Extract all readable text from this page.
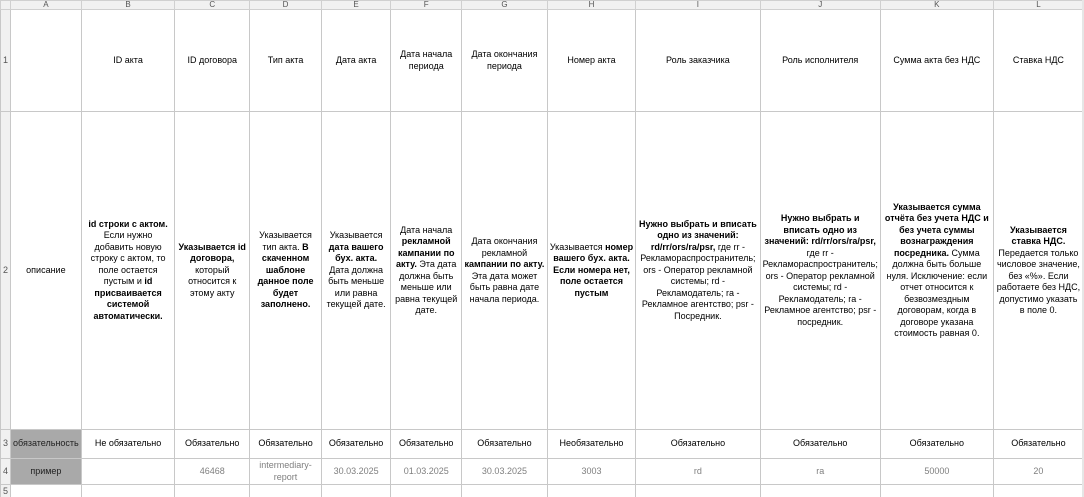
	A	B	C	D	E	F	G	H	I	J	K	L
1		ID акта	ID договора	Тип акта	Дата акта	Дата начала периода	Дата окончания периода	Номер акта	Роль заказчика	Роль исполнителя	Сумма акта без НДС	Ставка НДС
2	описание	id строки с актом. Если нужно добавить новую строку с актом, то поле остается пустым и id присваивается системой автоматически.	Указывается id договора, который относится к этому акту	Указывается тип акта. В скаченном шаблоне данное поле будет заполнено.	Указывается дата вашего бух. акта. Дата должна быть меньше или равна текущей дате.	Дата начала рекламной кампании по акту. Эта дата должна быть меньше или равна текущей дате.	Дата окончания рекламной кампании по акту. Эта дата может быть равна дате начала периода.	Указывается номер вашего бух. акта. Если номера нет, поле остается пустым	Нужно выбрать и вписать одно из значений: rd/rr/ors/ra/psr, где rr - Рекламораспространитель; ors - Оператор рекламной системы; rd - Рекламодатель; ra - Рекламное агентство; psr - Посредник.	Нужно выбрать и вписать одно из значений: rd/rr/ors/ra/psr, где rr - Рекламораспространитель; ors - Оператор рекламной системы; rd - Рекламодатель; ra - Рекламное агентство; psr - посредник.	Указывается сумма отчёта без учета НДС и без учета суммы вознаграждения посредника. Сумма должна быть больше нуля. Исключение: если отчет относится к безвозмездным договорам, когда в договоре указана стоимость равная 0.	Указывается ставка НДС. Передается только числовое значение, без «%». Если работаете без НДС, допустимо указать в поле 0.
3	обязательность	Не обязательно	Обязательно	Обязательно	Обязательно	Обязательно	Обязательно	Необязательно	Обязательно	Обязательно	Обязательно	Обязательно
4	пример		46468	intermediary-report	30.03.2025	01.03.2025	30.03.2025	3003	rd	ra	50000	20
5												
